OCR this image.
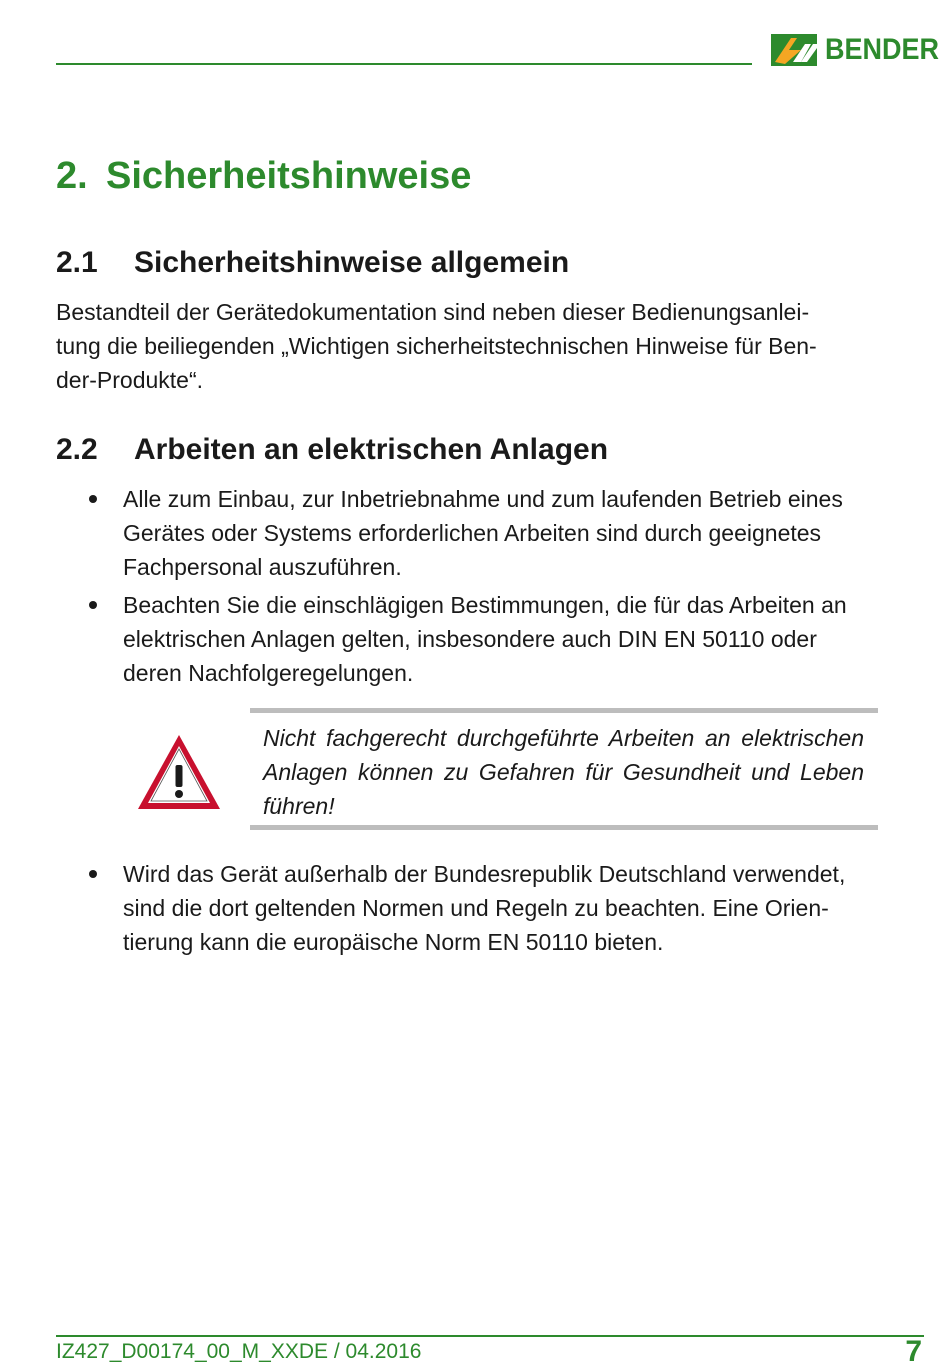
BENDER
2. Sicherheitshinweise
2.1 Sicherheitshinweise allgemein

Bestandteil der Gerätedokumentation sind neben dieser Bedienungsanlei-
tung die beiliegenden „Wichtigen sicherheitstechnischen Hinweise für Ben-
der-Produkte“.

2.2 Arbeiten an elektrischen Anlagen

Alle zum Einbau, zur Inbetriebnahme und zum laufenden Betrieb eines
Gerätes oder Systems erforderlichen Arbeiten sind durch geeignetes
Fachpersonal auszuführen.

Beachten Sie die einschlägigen Bestimmungen, die für das Arbeiten an
elektrischen Anlagen gelten, insbesondere auch DIN EN 50110 oder
deren Nachfolgeregelungen.

Nicht fachgerecht durchgeführte Arbeiten an elektrischen Anlagen können zu Gefahren für Gesundheit und Leben führen!

Wird das Gerät außerhalb der Bundesrepublik Deutschland verwendet,
sind die dort geltenden Normen und Regeln zu beachten. Eine Orien-
tierung kann die europäische Norm EN 50110 bieten.

IZ427_D00174_00_M_XXDE / 04.2016	7
